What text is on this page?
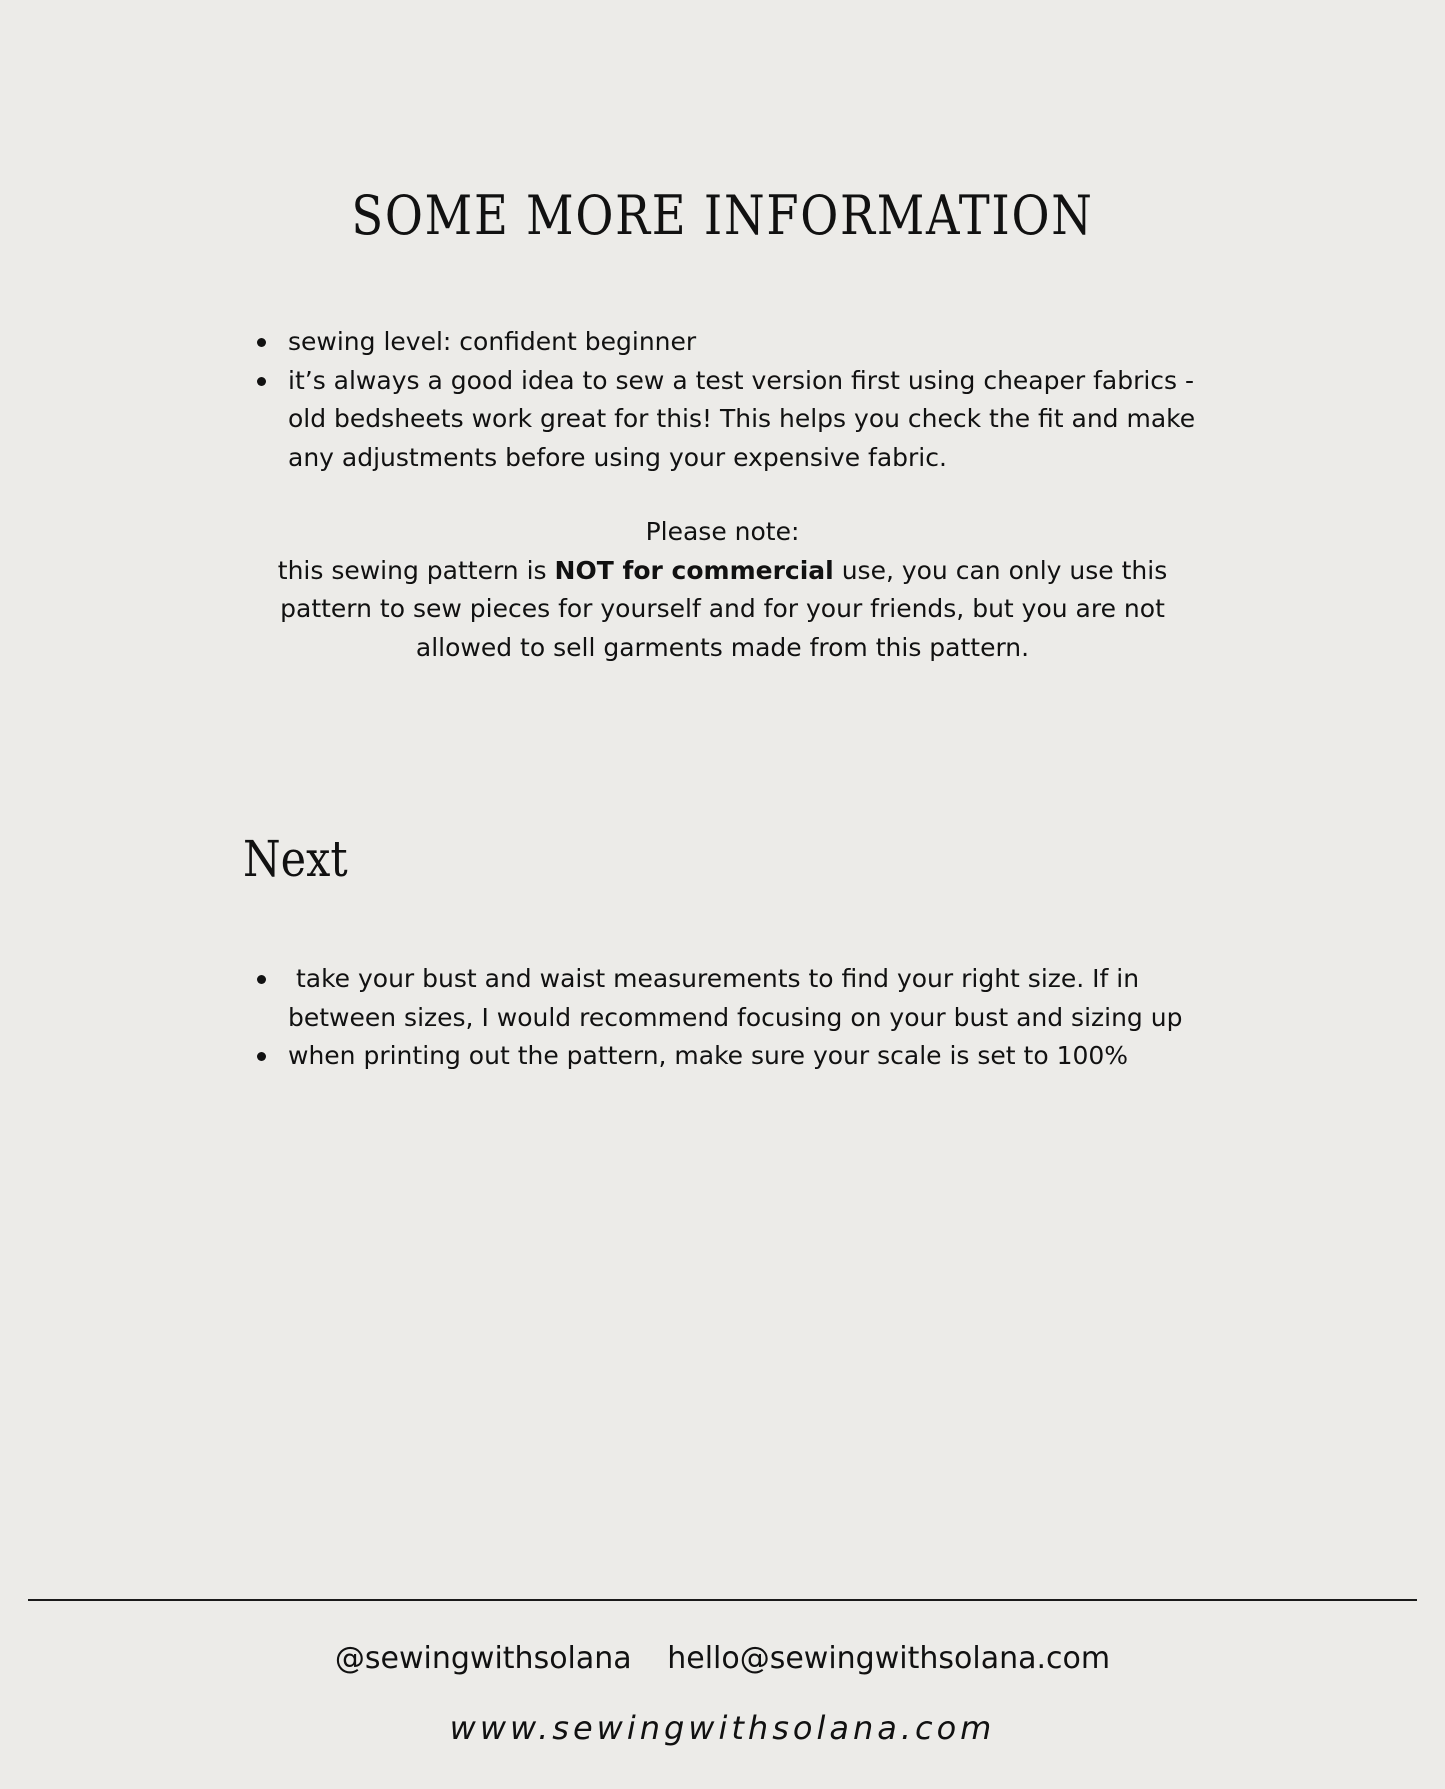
SOME MORE INFORMATION
sewing level: confident beginner
it’s always a good idea to sew a test version first using cheaper fabrics - old bedsheets work great for this! This helps you check the fit and make any adjustments before using your expensive fabric.

Please note:

this sewing pattern is NOT for commercial use, you can only use this pattern to sew pieces for yourself and for your friends, but you are not allowed to sell garments made from this pattern.

Next
take your bust and waist measurements to find your right size. If in between sizes, I would recommend focusing on your bust and sizing up
when printing out the pattern, make sure your scale is set to 100%
@sewingwithsolana hello@sewingwithsolana.com
www.sewingwithsolana.com
